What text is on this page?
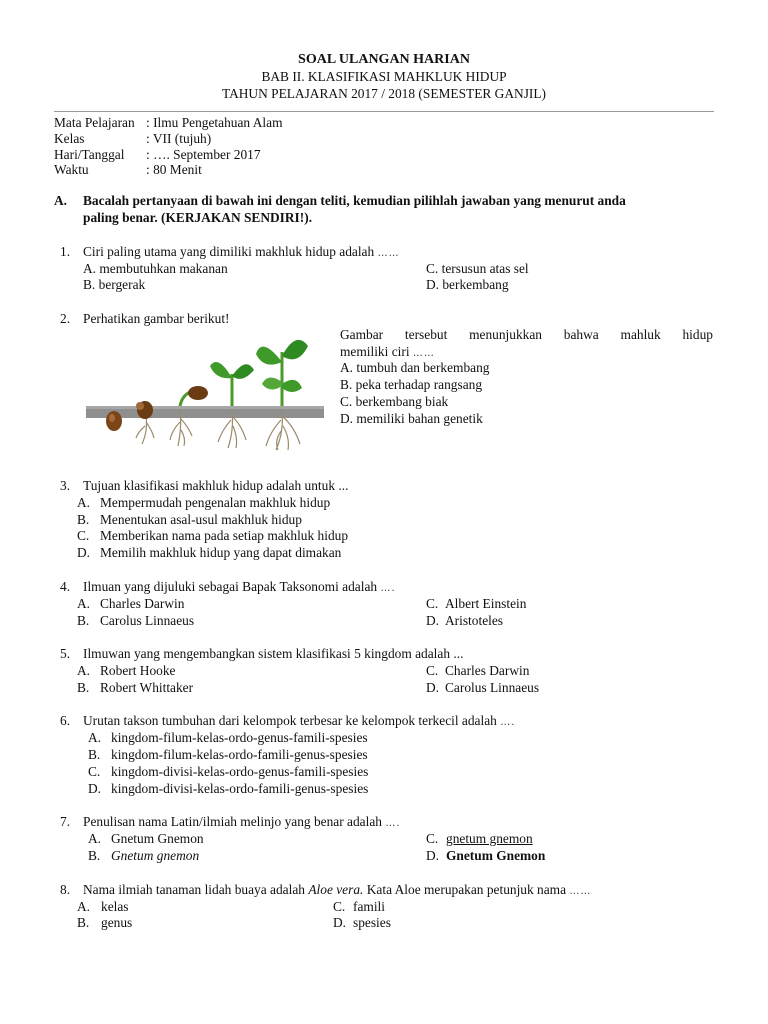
SOAL ULANGAN HARIAN
BAB II. KLASIFIKASI MAHKLUK HIDUP
TAHUN PELAJARAN 2017 / 2018 (SEMESTER GANJIL)
Mata Pelajaran : Ilmu Pengetahuan Alam
Kelas	: VII (tujuh)
Hari/Tanggal : …. September 2017
Waktu	: 80 Menit
A. Bacalah pertanyaan di bawah ini dengan teliti, kemudian pilihlah jawaban yang menurut anda
paling benar. (KERJAKAN SENDIRI!).
1. Ciri paling utama yang dimiliki makhluk hidup adalah ……
A. membutuhkan makanan	C. tersusun atas sel
B. bergerak	D. berkembang
2. Perhatikan gambar berikut!
Gambar tersebut menunjukkan bahwa mahluk hidup
memiliki ciri ……
A. tumbuh dan berkembang
B. peka terhadap rangsang
C. berkembang biak
D. memiliki bahan genetik
3. Tujuan klasifikasi makhluk hidup adalah untuk ...
A. Mempermudah pengenalan makhluk hidup
B. Menentukan asal-usul makhluk hidup
C. Memberikan nama pada setiap makhluk hidup
D. Memilih makhluk hidup yang dapat dimakan
4. Ilmuan yang dijuluki sebagai Bapak Taksonomi adalah ….
A. Charles Darwin	C. Albert Einstein
B. Carolus Linnaeus	D. Aristoteles
5. Ilmuwan yang mengembangkan sistem klasifikasi 5 kingdom adalah ...
A. Robert Hooke	C. Charles Darwin
B. Robert Whittaker	D. Carolus Linnaeus
6. Urutan takson tumbuhan dari kelompok terbesar ke kelompok terkecil adalah ….
A. kingdom-filum-kelas-ordo-genus-famili-spesies
B. kingdom-filum-kelas-ordo-famili-genus-spesies
C. kingdom-divisi-kelas-ordo-genus-famili-spesies
D. kingdom-divisi-kelas-ordo-famili-genus-spesies
7. Penulisan nama Latin/ilmiah melinjo yang benar adalah ….
A. Gnetum Gnemon	C. gnetum gnemon
B. Gnetum gnemon	D. Gnetum Gnemon
8. Nama ilmiah tanaman lidah buaya adalah Aloe vera. Kata Aloe merupakan petunjuk nama ……
A. kelas	C. famili
B. genus	D. spesies
